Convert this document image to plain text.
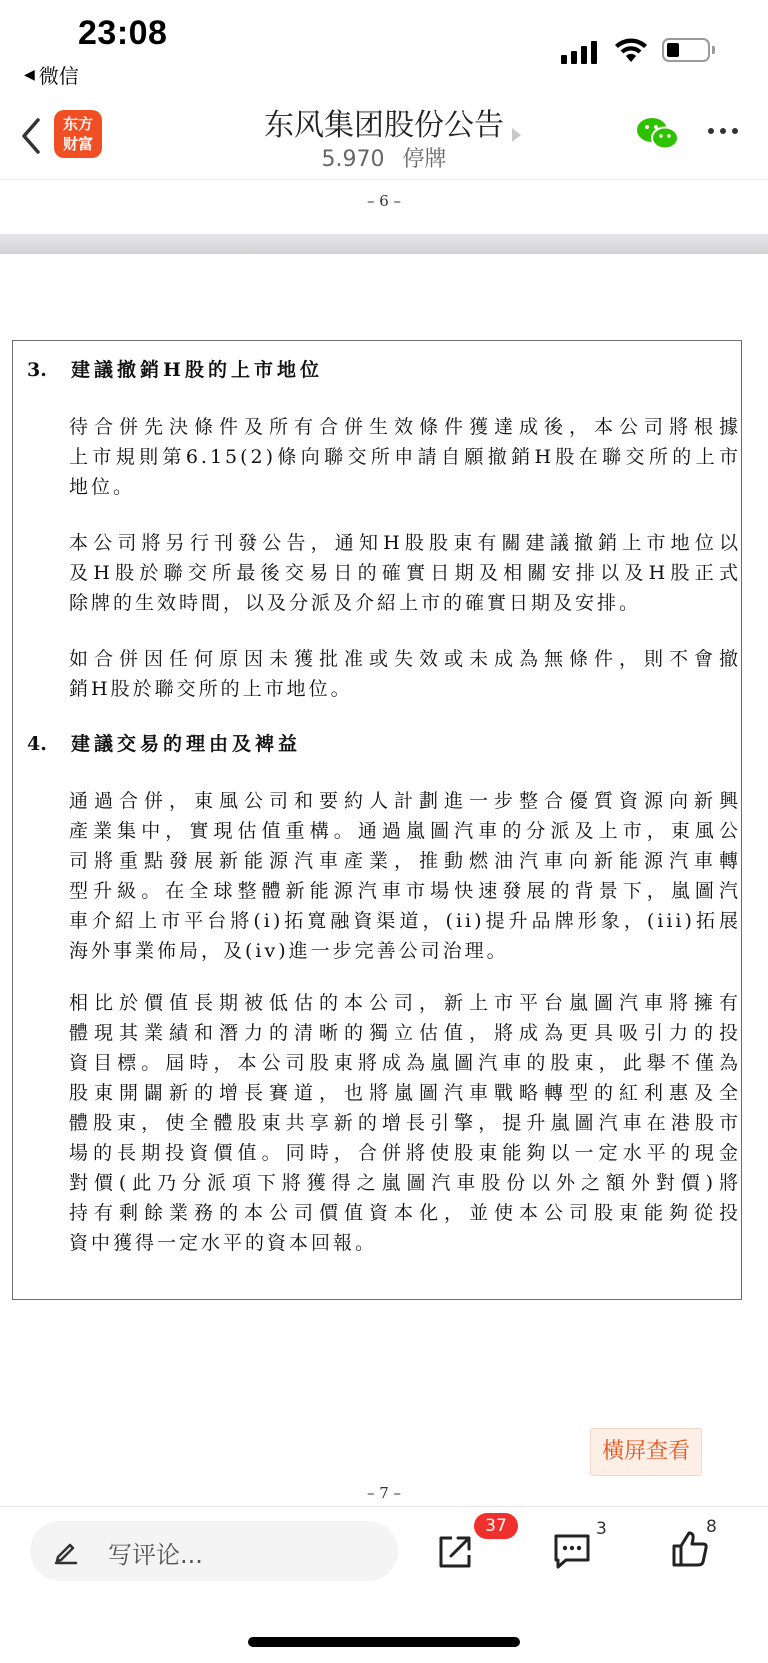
23:08
◀ 微信
东方
财富
东风集团股份公告
5.970 停牌
– 6 –
3. 建議撤銷H股的上市地位
待合併先決條件及所有合併生效條件獲達成後，本公司將根據
上市規則第6.15(2)條向聯交所申請自願撤銷H股在聯交所的上市
地位。
本公司將另行刊發公告，通知H股股東有關建議撤銷上市地位以
及H股於聯交所最後交易日的確實日期及相關安排以及H股正式
除牌的生效時間，以及分派及介紹上市的確實日期及安排。
如合併因任何原因未獲批准或失效或未成為無條件，則不會撤
銷H股於聯交所的上市地位。
4. 建議交易的理由及裨益
通過合併，東風公司和要約人計劃進一步整合優質資源向新興
產業集中，實現估值重構。通過嵐圖汽車的分派及上市，東風公
司將重點發展新能源汽車產業，推動燃油汽車向新能源汽車轉
型升級。在全球整體新能源汽車市場快速發展的背景下，嵐圖汽
車介紹上市平台將(i)拓寬融資渠道，(ii)提升品牌形象，(iii)拓展
海外事業佈局，及(iv)進一步完善公司治理。
相比於價值長期被低估的本公司，新上市平台嵐圖汽車將擁有
體現其業績和潛力的清晰的獨立估值，將成為更具吸引力的投
資目標。屆時，本公司股東將成為嵐圖汽車的股東，此舉不僅為
股東開闢新的增長賽道，也將嵐圖汽車戰略轉型的紅利惠及全
體股東，使全體股東共享新的增長引擎，提升嵐圖汽車在港股市
場的長期投資價值。同時，合併將使股東能夠以一定水平的現金
對價(此乃分派項下將獲得之嵐圖汽車股份以外之額外對價)將
持有剩餘業務的本公司價值資本化，並使本公司股東能夠從投
資中獲得一定水平的資本回報。
橫屏查看
– 7 –
写评论...
37	3	8
